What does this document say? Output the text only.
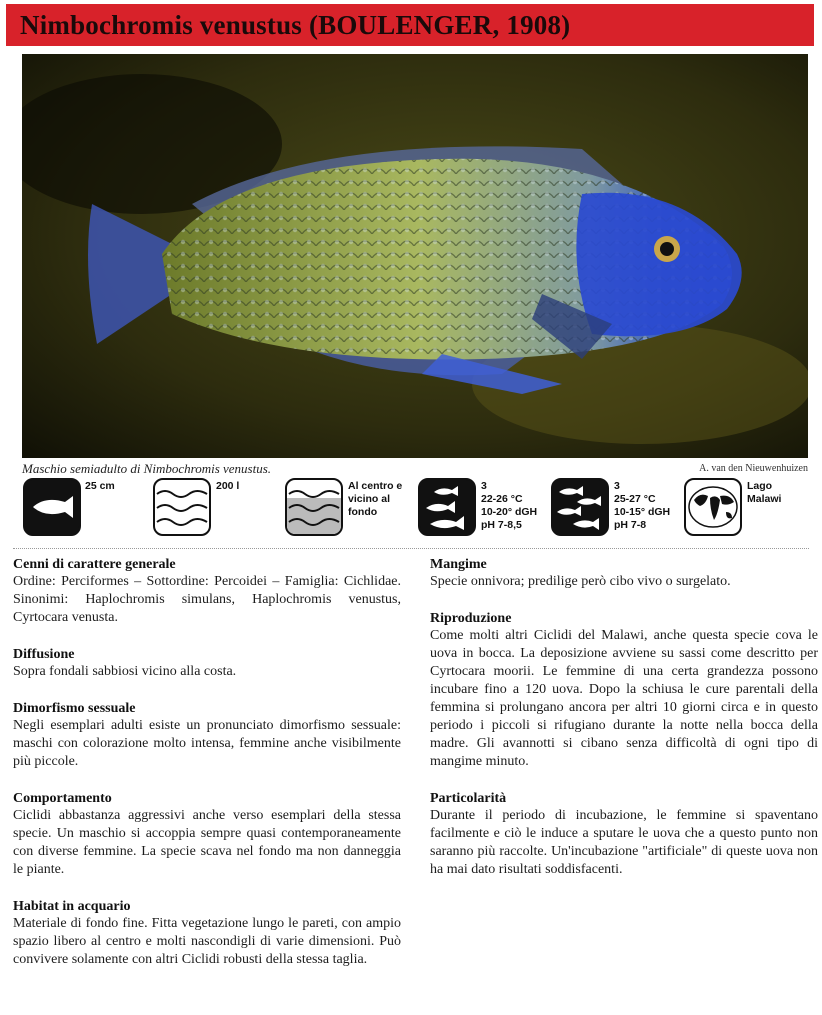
Nimbochromis venustus (BOULENGER, 1908)
Maschio semiadulto di Nimbochromis venustus.	A. van den Nieuwenhuizen
25 cm	200 l	Al centro e
vicino al
fondo
3
22-26 °C
10-20° dGH
pH 7-8,5
3
25-27 °C
10-15° dGH
pH 7-8
Lago
Malawi
Cenni di carattere generale

Ordine: Perciformes – Sottordine: Percoidei – Famiglia: Cichlidae. Sinonimi: Haplochromis simulans, Haplochromis venustus, Cyrtocara venusta.

Diffusione

Sopra fondali sabbiosi vicino alla costa.

Dimorfismo sessuale

Negli esemplari adulti esiste un pronunciato dimorfismo sessuale: maschi con colorazione molto intensa, femmine anche visibilmente più piccole.

Comportamento

Ciclidi abbastanza aggressivi anche verso esemplari della stessa specie. Un maschio si accoppia sempre quasi contemporaneamente con diverse femmine. La specie scava nel fondo ma non danneggia le piante.

Habitat in acquario

Materiale di fondo fine. Fitta vegetazione lungo le pareti, con ampio spazio libero al centro e molti nascondigli di varie dimensioni. Può convivere solamente con altri Ciclidi robusti della stessa taglia.

Mangime

Specie onnivora; predilige però cibo vivo o surgelato.

Riproduzione

Come molti altri Ciclidi del Malawi, anche questa specie cova le uova in bocca. La deposizione avviene su sassi come descritto per Cyrtocara moorii. Le femmine di una certa grandezza possono incubare fino a 120 uova. Dopo la schiusa le cure parentali della femmina si prolungano ancora per altri 10 giorni circa e in questo periodo i piccoli si rifugiano durante la notte nella bocca della madre. Gli avannotti si cibano senza difficoltà di ogni tipo di mangime minuto.

Particolarità

Durante il periodo di incubazione, le femmine si spaventano facilmente e ciò le induce a sputare le uova che a questo punto non saranno più raccolte. Un'incubazione "artificiale" di queste uova non ha mai dato risultati soddisfacenti.
